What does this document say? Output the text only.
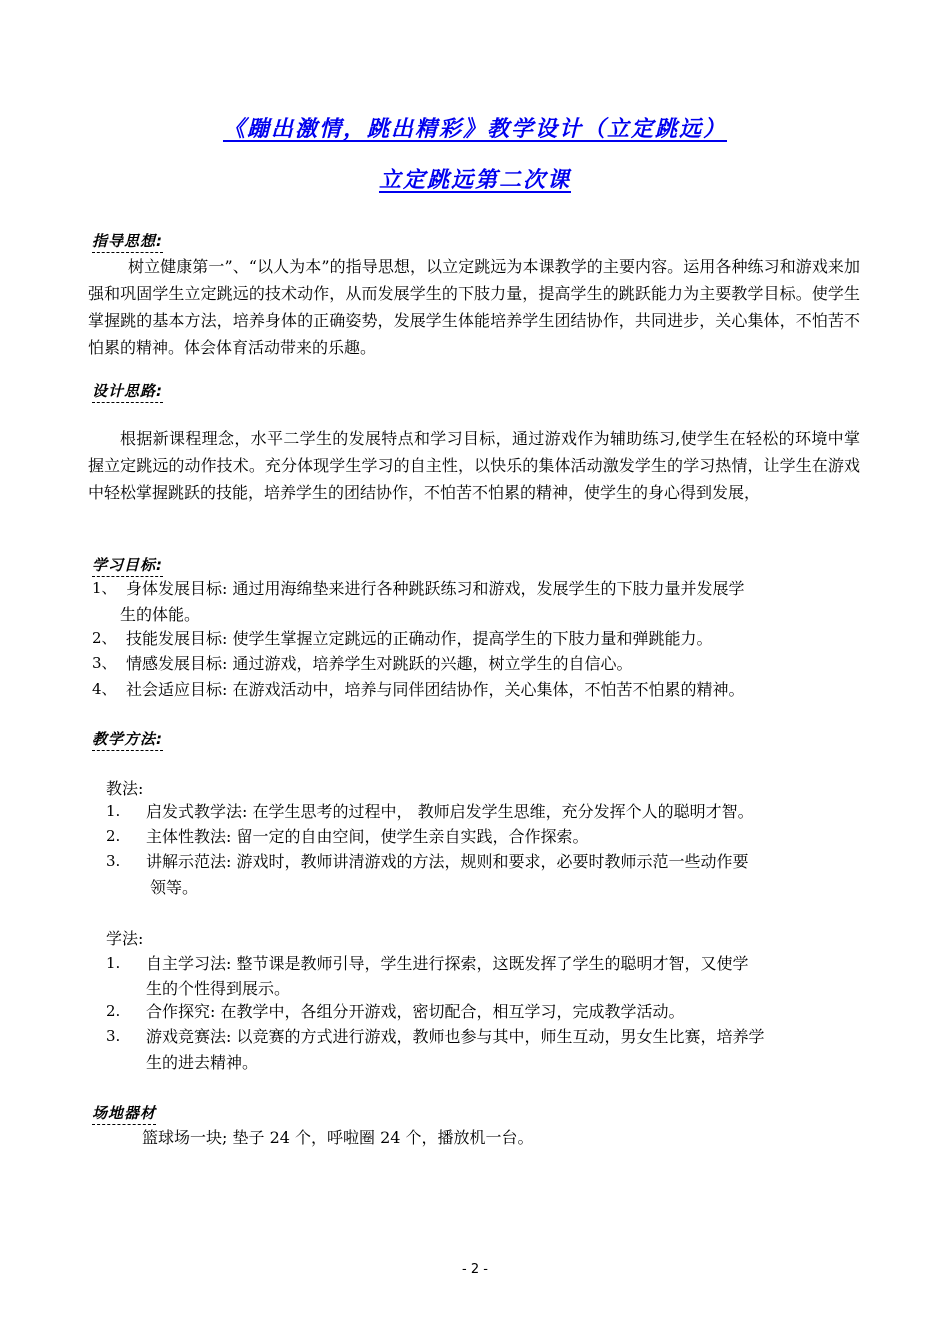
《蹦出激情，跳出精彩》教学设计（立定跳远）
立定跳远第二次课
指导思想:
树立健康第一”、“以人为本”的指导思想，以立定跳远为本课教学的主要内容。运用各种练习和游戏来加强和巩固学生立定跳远的技术动作，从而发展学生的下肢力量，提高学生的跳跃能力为主要教学目标。使学生掌握跳的基本方法，培养身体的正确姿势，发展学生体能培养学生团结协作，共同进步，关心集体，不怕苦不怕累的精神。体会体育活动带来的乐趣。
设计思路:
根据新课程理念，水平二学生的发展特点和学习目标，通过游戏作为辅助练习,使学生在轻松的环境中掌握立定跳远的动作技术。充分体现学生学习的自主性，以快乐的集体活动激发学生的学习热情，让学生在游戏中轻松掌握跳跃的技能，培养学生的团结协作，不怕苦不怕累的精神，使学生的身心得到发展，
学习目标:
1、 身体发展目标: 通过用海绵垫来进行各种跳跃练习和游戏，发展学生的下肢力量并发展学
生的体能。
2、 技能发展目标: 使学生掌握立定跳远的正确动作，提高学生的下肢力量和弹跳能力。
3、 情感发展目标: 通过游戏，培养学生对跳跃的兴趣，树立学生的自信心。
4、 社会适应目标: 在游戏活动中，培养与同伴团结协作，关心集体，不怕苦不怕累的精神。
教学方法:
教法:
1. 启发式教学法: 在学生思考的过程中， 教师启发学生思维，充分发挥个人的聪明才智。
2. 主体性教法: 留一定的自由空间，使学生亲自实践，合作探索。
3. 讲解示范法: 游戏时，教师讲清游戏的方法，规则和要求，必要时教师示范一些动作要
领等。
学法:
1. 自主学习法: 整节课是教师引导，学生进行探索，这既发挥了学生的聪明才智，又使学
生的个性得到展示。
2. 合作探究: 在教学中，各组分开游戏，密切配合，相互学习，完成教学活动。
3. 游戏竞赛法: 以竞赛的方式进行游戏，教师也参与其中，师生互动，男女生比赛，培养学
生的进去精神。
场地器材
篮球场一块; 垫子 24 个，呼啦圈 24 个，播放机一台。
- 2 -
